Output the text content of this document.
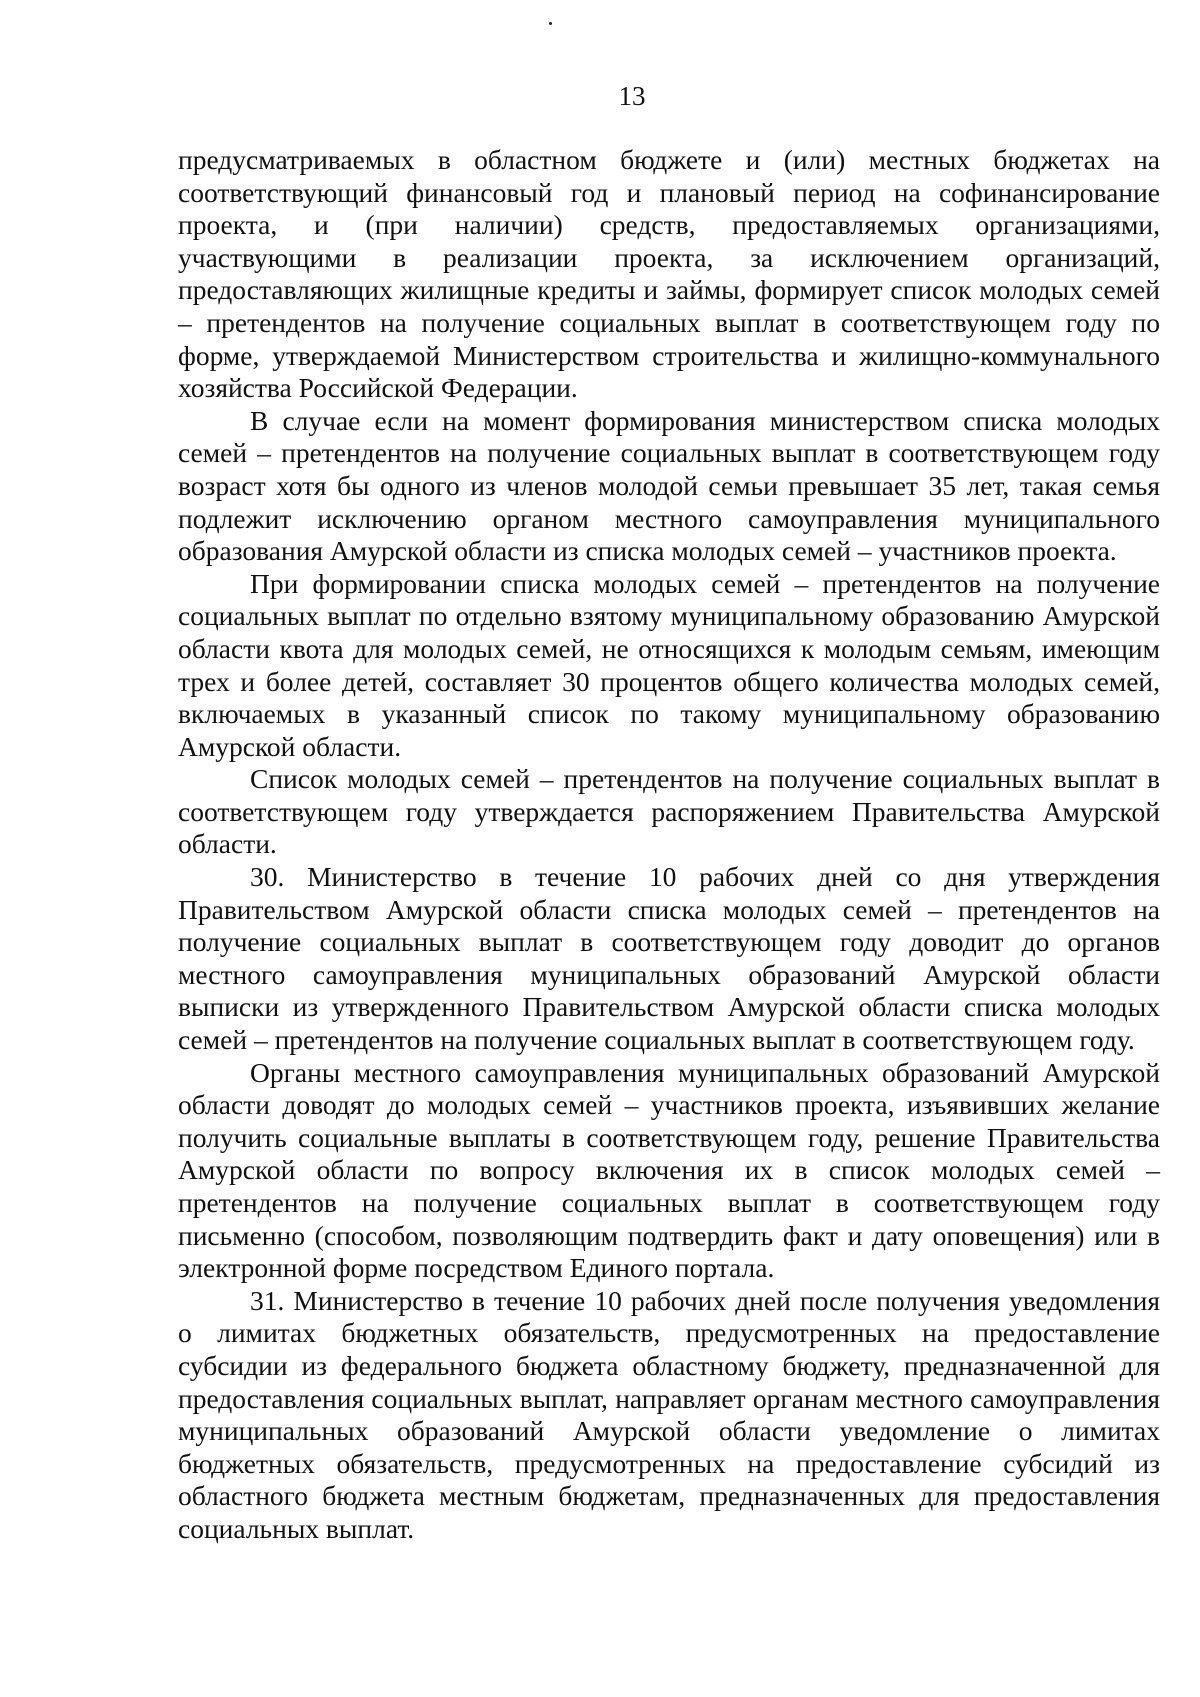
13

предусматриваемых в областном бюджете и (или) местных бюджетах на соответствующий финансовый год и плановый период на софинансирование проекта, и (при наличии) средств, предоставляемых организациями, участвующими в реализации проекта, за исключением организаций, предоставляющих жилищные кредиты и займы, формирует список молодых семей – претендентов на получение социальных выплат в соответствующем году по форме, утверждаемой Министерством строительства и жилищно-коммунального хозяйства Российской Федерации.

В случае если на момент формирования министерством списка молодых семей – претендентов на получение социальных выплат в соответствующем году возраст хотя бы одного из членов молодой семьи превышает 35 лет, такая семья подлежит исключению органом местного самоуправления муниципального образования Амурской области из списка молодых семей – участников проекта.

При формировании списка молодых семей – претендентов на получение социальных выплат по отдельно взятому муниципальному образованию Амурской области квота для молодых семей, не относящихся к молодым семьям, имеющим трех и более детей, составляет 30 процентов общего количества молодых семей, включаемых в указанный список по такому муниципальному образованию Амурской области.

Список молодых семей – претендентов на получение социальных выплат в соответствующем году утверждается распоряжением Правительства Амурской области.

30. Министерство в течение 10 рабочих дней со дня утверждения Правительством Амурской области списка молодых семей – претендентов на получение социальных выплат в соответствующем году доводит до органов местного самоуправления муниципальных образований Амурской области выписки из утвержденного Правительством Амурской области списка молодых семей – претендентов на получение социальных выплат в соответствующем году.

Органы местного самоуправления муниципальных образований Амурской области доводят до молодых семей – участников проекта, изъявивших желание получить социальные выплаты в соответствующем году, решение Правительства Амурской области по вопросу включения их в список молодых семей – претендентов на получение социальных выплат в соответствующем году письменно (способом, позволяющим подтвердить факт и дату оповещения) или в электронной форме посредством Единого портала.

31. Министерство в течение 10 рабочих дней после получения уведомления о лимитах бюджетных обязательств, предусмотренных на предоставление субсидии из федерального бюджета областному бюджету, предназначенной для предоставления социальных выплат, направляет органам местного самоуправления муниципальных образований Амурской области уведомление о лимитах бюджетных обязательств, предусмотренных на предоставление субсидий из областного бюджета местным бюджетам, предназначенных для предоставления социальных выплат.
